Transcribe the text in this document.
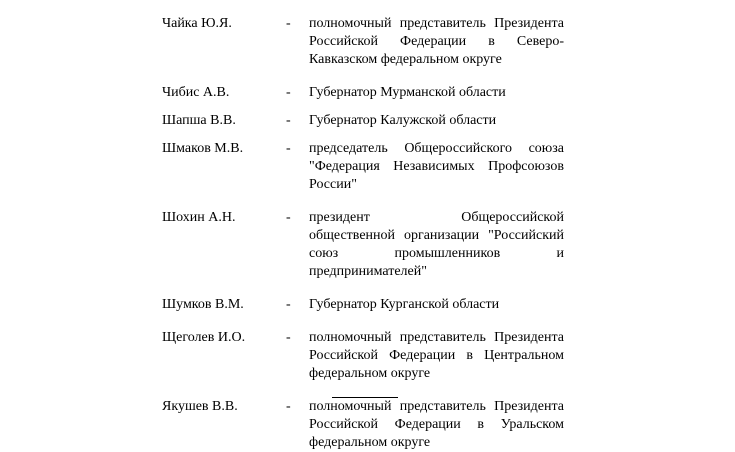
Чайка Ю.Я.	-	полномочный представитель Президента Российской Федерации в Северо-Кавказском федеральном округе
Чибис А.В.	-	Губернатор Мурманской области
Шапша В.В.	-	Губернатор Калужской области
Шмаков М.В.	-	председатель Общероссийского союза "Федерация Независимых Профсоюзов России"
Шохин А.Н.	-	президент Общероссийской общественной организации "Российский союз промышленников и предпринимателей"
Шумков В.М.	-	Губернатор Курганской области
Щеголев И.О.	-	полномочный представитель Президента Российской Федерации в Центральном федеральном округе
Якушев В.В.	-	полномочный представитель Президента Российской Федерации в Уральском федеральном округе
